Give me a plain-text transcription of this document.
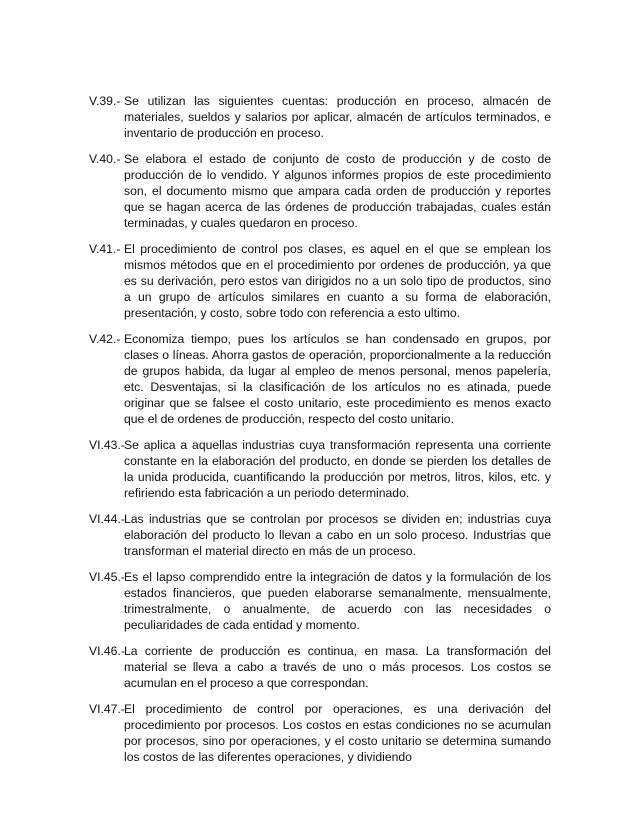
V.39.- Se utilizan las siguientes cuentas: producción en proceso, almacén de materiales, sueldos y salarios por aplicar, almacén de artículos terminados, e inventario de producción en proceso.
V.40.- Se elabora el estado de conjunto de costo de producción y de costo de producción de lo vendido. Y algunos informes propios de este procedimiento son, el documento mismo que ampara cada orden de producción y reportes que se hagan acerca de las órdenes de producción trabajadas, cuales están terminadas, y cuales quedaron en proceso.
V.41.- El procedimiento de control pos clases, es aquel en el que se emplean los mismos métodos que en el procedimiento por ordenes de producción, ya que es su derivación, pero estos van dirigidos no a un solo tipo de productos, sino a un grupo de artículos similares en cuanto a su forma de elaboración, presentación, y costo, sobre todo con referencia a esto ultimo.
V.42.- Economiza tiempo, pues los artículos se han condensado en grupos, por clases o líneas. Ahorra gastos de operación, proporcionalmente a la reducción de grupos habida, da lugar al empleo de menos personal, menos papelería, etc. Desventajas, si la clasificación de los artículos no es atinada, puede originar que se falsee el costo unitario, este procedimiento es menos exacto que el de ordenes de producción, respecto del costo unitario.
VI.43.- Se aplica a aquellas industrias cuya transformación representa una corriente constante en la elaboración del producto, en donde se pierden los detalles de la unida producida, cuantificando la producción por metros, litros, kilos, etc. y refiriendo esta fabricación a un periodo determinado.
VI.44.- Las industrias que se controlan por procesos se dividen en; industrias cuya elaboración del producto lo llevan a cabo en un solo proceso. Industrias que transforman el material directo en más de un proceso.
VI.45.- Es el lapso comprendido entre la integración de datos y la formulación de los estados financieros, que pueden elaborarse semanalmente, mensualmente, trimestralmente, o anualmente, de acuerdo con las necesidades o peculiaridades de cada entidad y momento.
VI.46.- La corriente de producción es continua, en masa. La transformación del material se lleva a cabo a través de uno o más procesos. Los costos se acumulan en el proceso a que correspondan.
VI.47.- El procedimiento de control por operaciones, es una derivación del procedimiento por procesos. Los costos en estas condiciones no se acumulan por procesos, sino por operaciones, y el costo unitario se determina sumando los costos de las diferentes operaciones, y dividiendo
